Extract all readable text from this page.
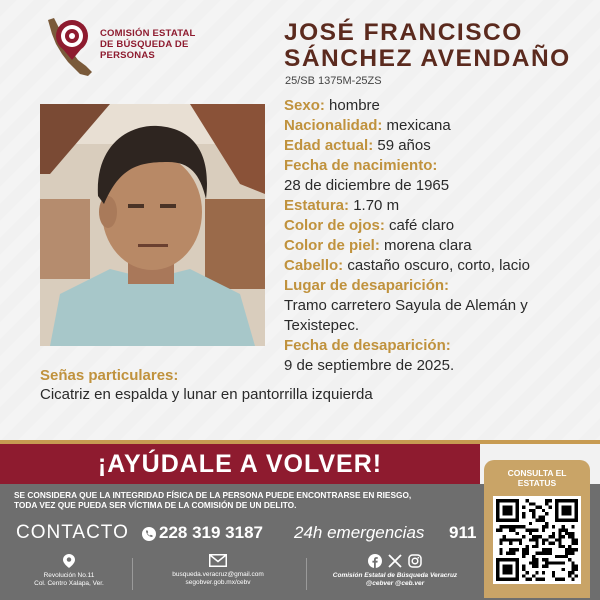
COMISIÓN ESTATAL
DE BÚSQUEDA DE
PERSONAS
JOSÉ FRANCISCO
SÁNCHEZ AVENDAÑO
25/SB 1375M-25ZS
Sexo: hombre
Nacionalidad: mexicana
Edad actual: 59 años
Fecha de nacimiento:
28 de diciembre de 1965
Estatura: 1.70 m
Color de ojos: café claro
Color de piel: morena clara
Cabello: castaño oscuro, corto, lacio
Lugar de desaparición:
Tramo carretero Sayula de Alemán y
Texistepec.
Fecha de desaparición:
9 de septiembre de 2025.
Señas particulares:
Cicatriz en espalda y lunar en pantorrilla izquierda
¡AYÚDALE A VOLVER!
SE CONSIDERA QUE LA INTEGRIDAD FÍSICA DE LA PERSONA PUEDE ENCONTRARSE EN RIESGO,
TODA VEZ QUE PUEDA SER VÍCTIMA DE LA COMISIÓN DE UN DELITO.
CONTACTO 228 319 3187 24h emergencias 911
Revolución No.11
Col. Centro Xalapa, Ver.
busqueda.veracruz@gmail.com
segobver.gob.mx/cebv
Comisión Estatal de Búsqueda Veracruz
@cebver @ceb.ver
CONSULTA EL
ESTATUS
